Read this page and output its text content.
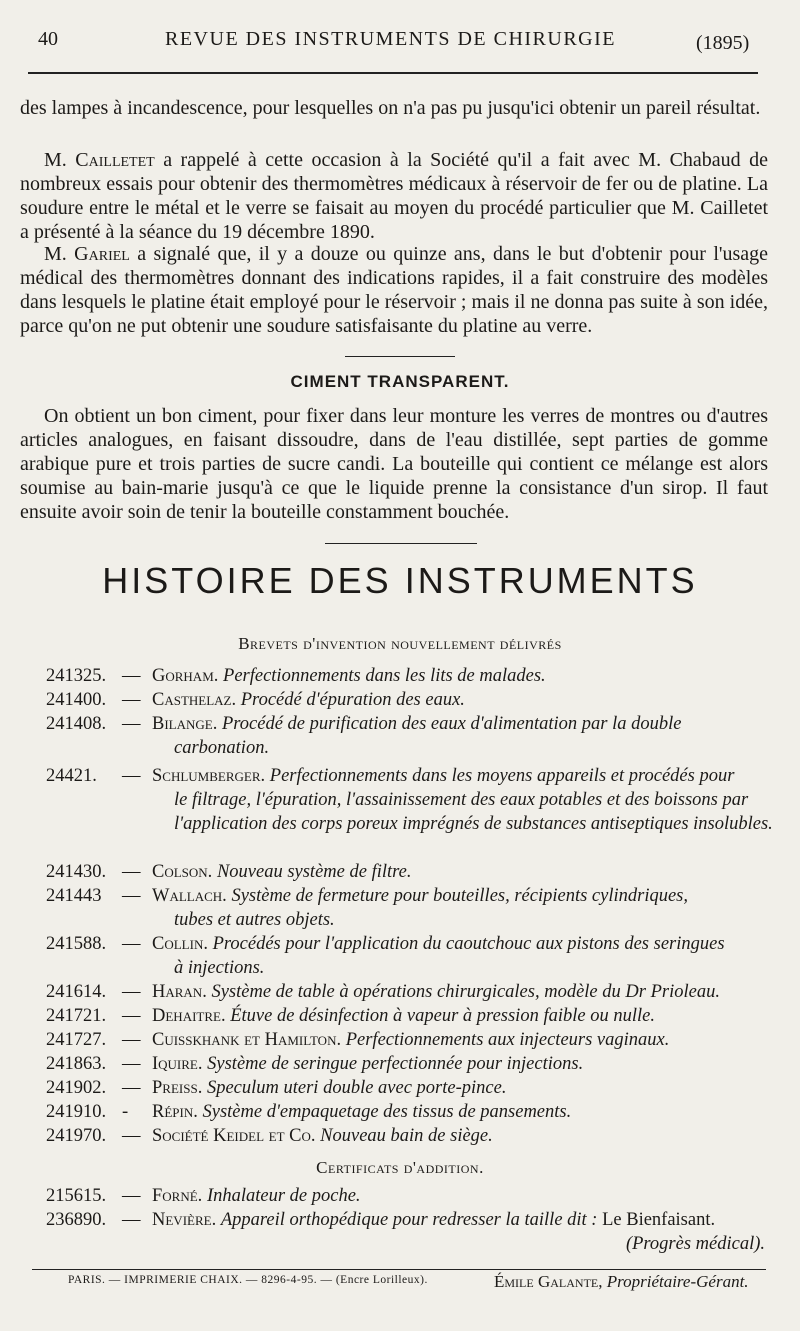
40	REVUE DES INSTRUMENTS DE CHIRURGIE	(1895)
des lampes à incandescence, pour lesquelles on n'a pas pu jusqu'ici obtenir un pareil résultat.
M. Cailletet a rappelé à cette occasion à la Société qu'il a fait avec M. Chabaud de nombreux essais pour obtenir des thermomètres médicaux à réservoir de fer ou de platine. La soudure entre le métal et le verre se faisait au moyen du procédé particulier que M. Cailletet a présenté à la séance du 19 décembre 1890.
M. Gariel a signalé que, il y a douze ou quinze ans, dans le but d'obtenir pour l'usage médical des thermomètres donnant des indications rapides, il a fait construire des modèles dans lesquels le platine était employé pour le réservoir ; mais il ne donna pas suite à son idée, parce qu'on ne put obtenir une soudure satisfaisante du platine au verre.
CIMENT TRANSPARENT.
On obtient un bon ciment, pour fixer dans leur monture les verres de montres ou d'autres articles analogues, en faisant dissoudre, dans de l'eau distillée, sept parties de gomme arabique pure et trois parties de sucre candi. La bouteille qui contient ce mélange est alors soumise au bain-marie jusqu'à ce que le liquide prenne la consistance d'un sirop. Il faut ensuite avoir soin de tenir la bouteille constamment bouchée.
HISTOIRE DES INSTRUMENTS
Brevets d'invention nouvellement délivrés
241325. — Gorham. Perfectionnements dans les lits de malades.
241400. — Casthelaz. Procédé d'épuration des eaux.
241408. — Bilange. Procédé de purification des eaux d'alimentation par la double
carbonation.
24421. — Schlumberger. Perfectionnements dans les moyens appareils et procédés pour
le filtrage, l'épuration, l'assainissement des eaux potables et des boissons par l'application des corps poreux imprégnés de substances antiseptiques insolubles.
241430. — Colson. Nouveau système de filtre.
241443 — Wallach. Système de fermeture pour bouteilles, récipients cylindriques,
tubes et autres objets.
241588. — Collin. Procédés pour l'application du caoutchouc aux pistons des seringues
à injections.
241614. — Haran. Système de table à opérations chirurgicales, modèle du Dr Prioleau.
241721. — Dehaitre. Étuve de désinfection à vapeur à pression faible ou nulle.
241727. — Cuisskhank et Hamilton. Perfectionnements aux injecteurs vaginaux.
241863. — Iquire. Système de seringue perfectionnée pour injections.
241902. — Preiss. Speculum uteri double avec porte-pince.
241910. - Répin. Système d'empaquetage des tissus de pansements.
241970. — Société Keidel et Co. Nouveau bain de siège.
Certificats d'addition.
215615. — Forné. Inhalateur de poche.
236890. — Nevière. Appareil orthopédique pour redresser la taille dit : Le Bienfaisant.
(Progrès médical).
PARIS. — IMPRIMERIE CHAIX. — 8296-4-95. — (Encre Lorilleux).	Émile Galante, Propriétaire-Gérant.
